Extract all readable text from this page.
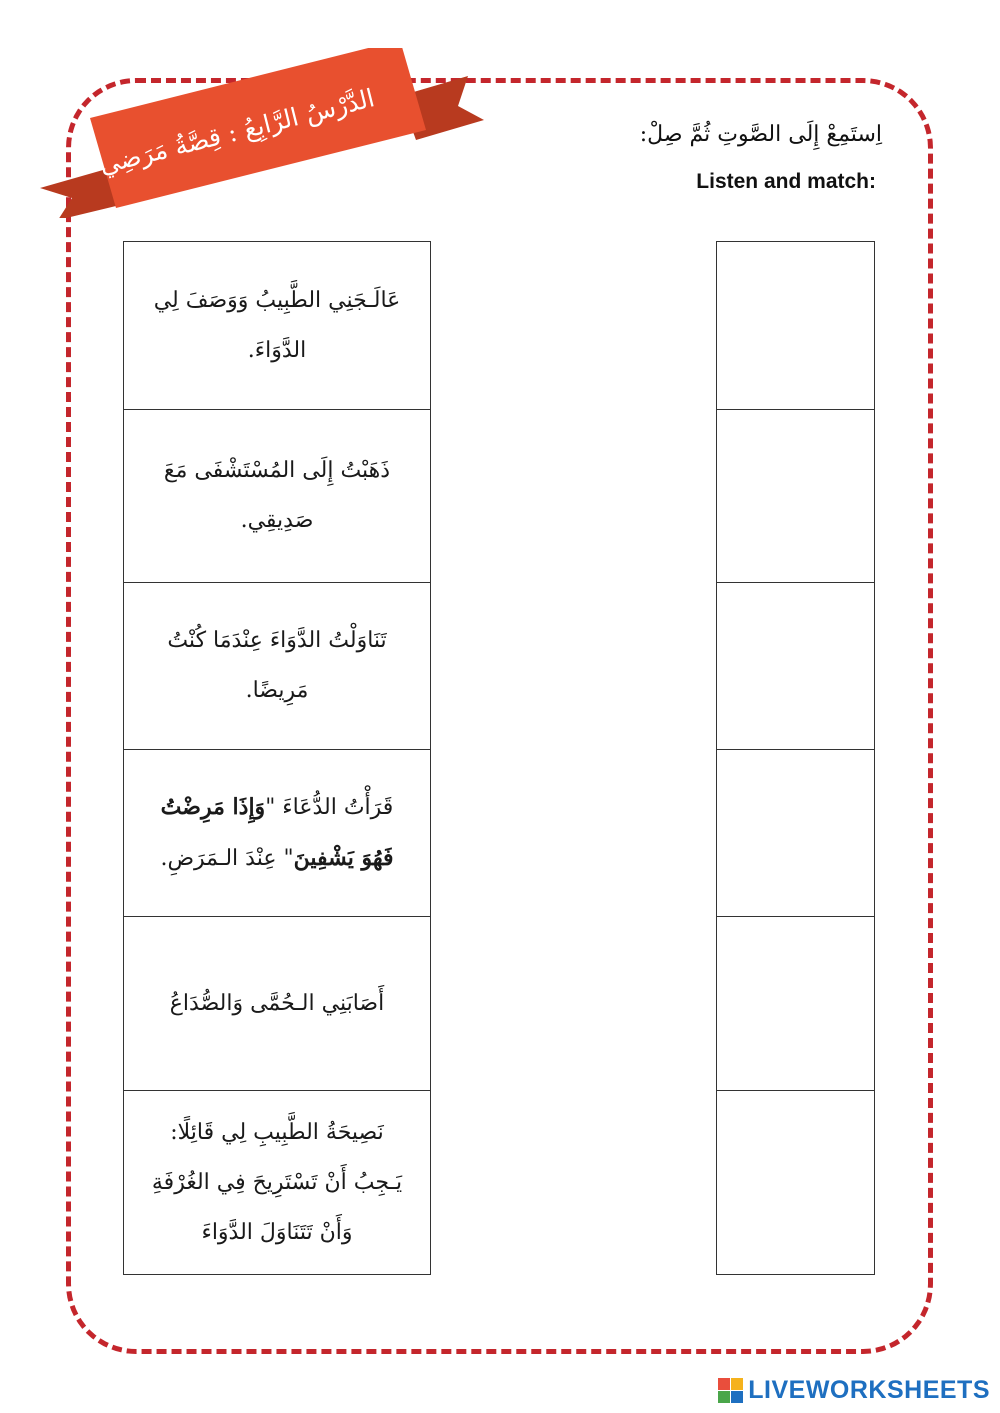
الدَّرْسُ الرَّابِعُ : قِصَّةُ مَرَضِي	اِستَمِعْ إِلَى الصَّوتِ ثُمَّ صِلْ:
Listen and match:
عَالَـجَنِي الطَّبِيبُ وَوَصَفَ لِي الدَّوَاءَ.
ذَهَبْتُ إِلَى المُسْتَشْفَى مَعَ صَدِيقِي.
تَنَاوَلْتُ الدَّوَاءَ عِنْدَمَا كُنْتُ مَرِيضًا.
قَرَأْتُ الدُّعَاءَ "وَإِذَا مَرِضْتُ فَهُوَ يَشْفِينَ" عِنْدَ الـمَرَضِ.
أَصَابَنِي الـحُمَّى وَالصُّدَاعُ
نَصِيحَةُ الطَّبِيبِ لِي قَائِلًا: يَـجِبُ أَنْ تَسْتَرِيحَ فِي الغُرْفَةِ وَأَنْ تَتَنَاوَلَ الدَّوَاءَ
LIVEWORKSHEETS
